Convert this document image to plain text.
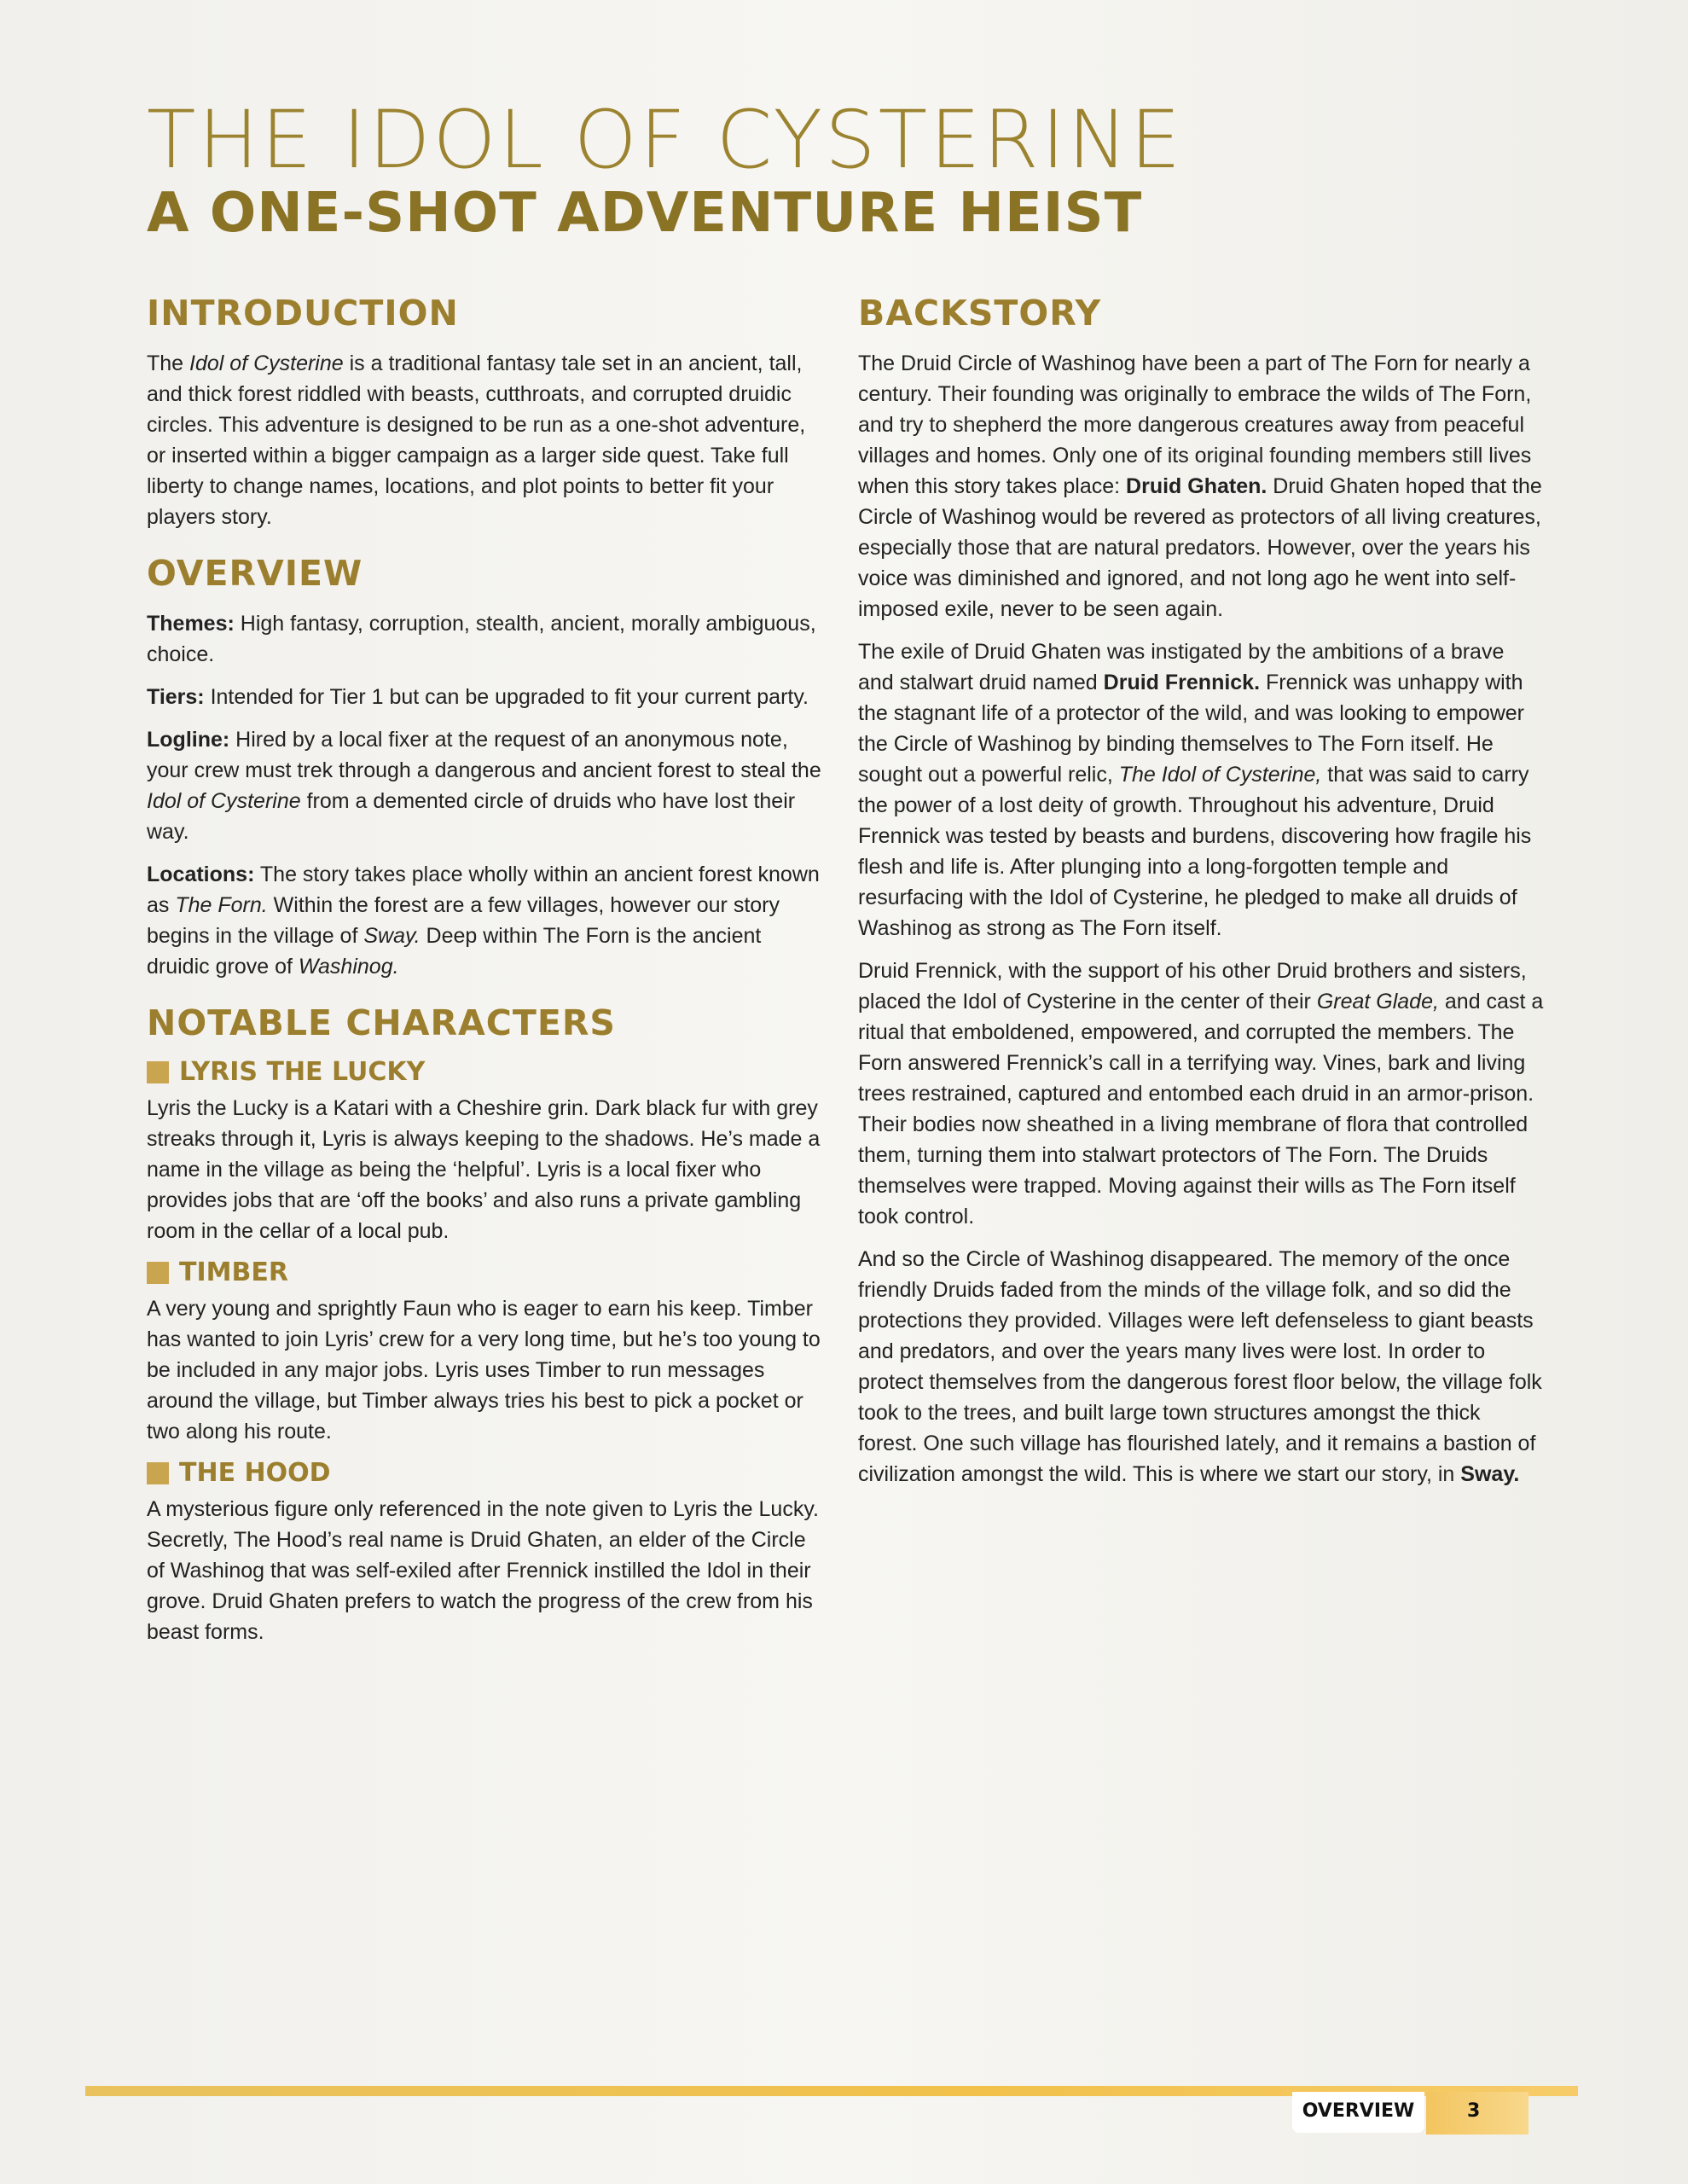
THE IDOL OF CYSTERINE
A ONE-SHOT ADVENTURE HEIST
INTRODUCTION

The Idol of Cysterine is a traditional fantasy tale set in an ancient, tall, and thick forest riddled with beasts, cutthroats, and corrupted druidic circles. This adventure is designed to be run as a one-shot adventure, or inserted within a bigger campaign as a larger side quest. Take full liberty to change names, locations, and plot points to better fit your players story.

OVERVIEW

Themes: High fantasy, corruption, stealth, ancient, morally ambiguous, choice.

Tiers: Intended for Tier 1 but can be upgraded to fit your current party.

Logline: Hired by a local fixer at the request of an anonymous note, your crew must trek through a dangerous and ancient forest to steal the Idol of Cysterine from a demented circle of druids who have lost their way.

Locations: The story takes place wholly within an ancient forest known as The Forn. Within the forest are a few villages, however our story begins in the village of Sway. Deep within The Forn is the ancient druidic grove of Washinog.

NOTABLE CHARACTERS
LYRIS THE LUCKY

Lyris the Lucky is a Katari with a Cheshire grin. Dark black fur with grey streaks through it, Lyris is always keeping to the shadows. He’s made a name in the village as being the ‘helpful’. Lyris is a local fixer who provides jobs that are ‘off the books’ and also runs a private gambling room in the cellar of a local pub.

TIMBER

A very young and sprightly Faun who is eager to earn his keep. Timber has wanted to join Lyris’ crew for a very long time, but he’s too young to be included in any major jobs. Lyris uses Timber to run messages around the village, but Timber always tries his best to pick a pocket or two along his route.

THE HOOD

A mysterious figure only referenced in the note given to Lyris the Lucky. Secretly, The Hood’s real name is Druid Ghaten, an elder of the Circle of Washinog that was self-exiled after Frennick instilled the Idol in their grove. Druid Ghaten prefers to watch the progress of the crew from his beast forms.

BACKSTORY

The Druid Circle of Washinog have been a part of The Forn for nearly a century. Their founding was originally to embrace the wilds of The Forn, and try to shepherd the more dangerous creatures away from peaceful villages and homes. Only one of its original founding members still lives when this story takes place: Druid Ghaten. Druid Ghaten hoped that the Circle of Washinog would be revered as protectors of all living creatures, especially those that are natural predators. However, over the years his voice was diminished and ignored, and not long ago he went into self-imposed exile, never to be seen again.

The exile of Druid Ghaten was instigated by the ambitions of a brave and stalwart druid named Druid Frennick. Frennick was unhappy with the stagnant life of a protector of the wild, and was looking to empower the Circle of Washinog by binding themselves to The Forn itself. He sought out a powerful relic, The Idol of Cysterine, that was said to carry the power of a lost deity of growth. Throughout his adventure, Druid Frennick was tested by beasts and burdens, discovering how fragile his flesh and life is. After plunging into a long-forgotten temple and resurfacing with the Idol of Cysterine, he pledged to make all druids of Washinog as strong as The Forn itself.

Druid Frennick, with the support of his other Druid brothers and sisters, placed the Idol of Cysterine in the center of their Great Glade, and cast a ritual that emboldened, empowered, and corrupted the members. The Forn answered Frennick’s call in a terrifying way. Vines, bark and living trees restrained, captured and entombed each druid in an armor-prison. Their bodies now sheathed in a living membrane of flora that controlled them, turning them into stalwart protectors of The Forn. The Druids themselves were trapped. Moving against their wills as The Forn itself took control.

And so the Circle of Washinog disappeared. The memory of the once friendly Druids faded from the minds of the village folk, and so did the protections they provided. Villages were left defenseless to giant beasts and predators, and over the years many lives were lost. In order to protect themselves from the dangerous forest floor below, the village folk took to the trees, and built large town structures amongst the thick forest. One such village has flourished lately, and it remains a bastion of civilization amongst the wild. This is where we start our story, in Sway.

OVERVIEW	3
